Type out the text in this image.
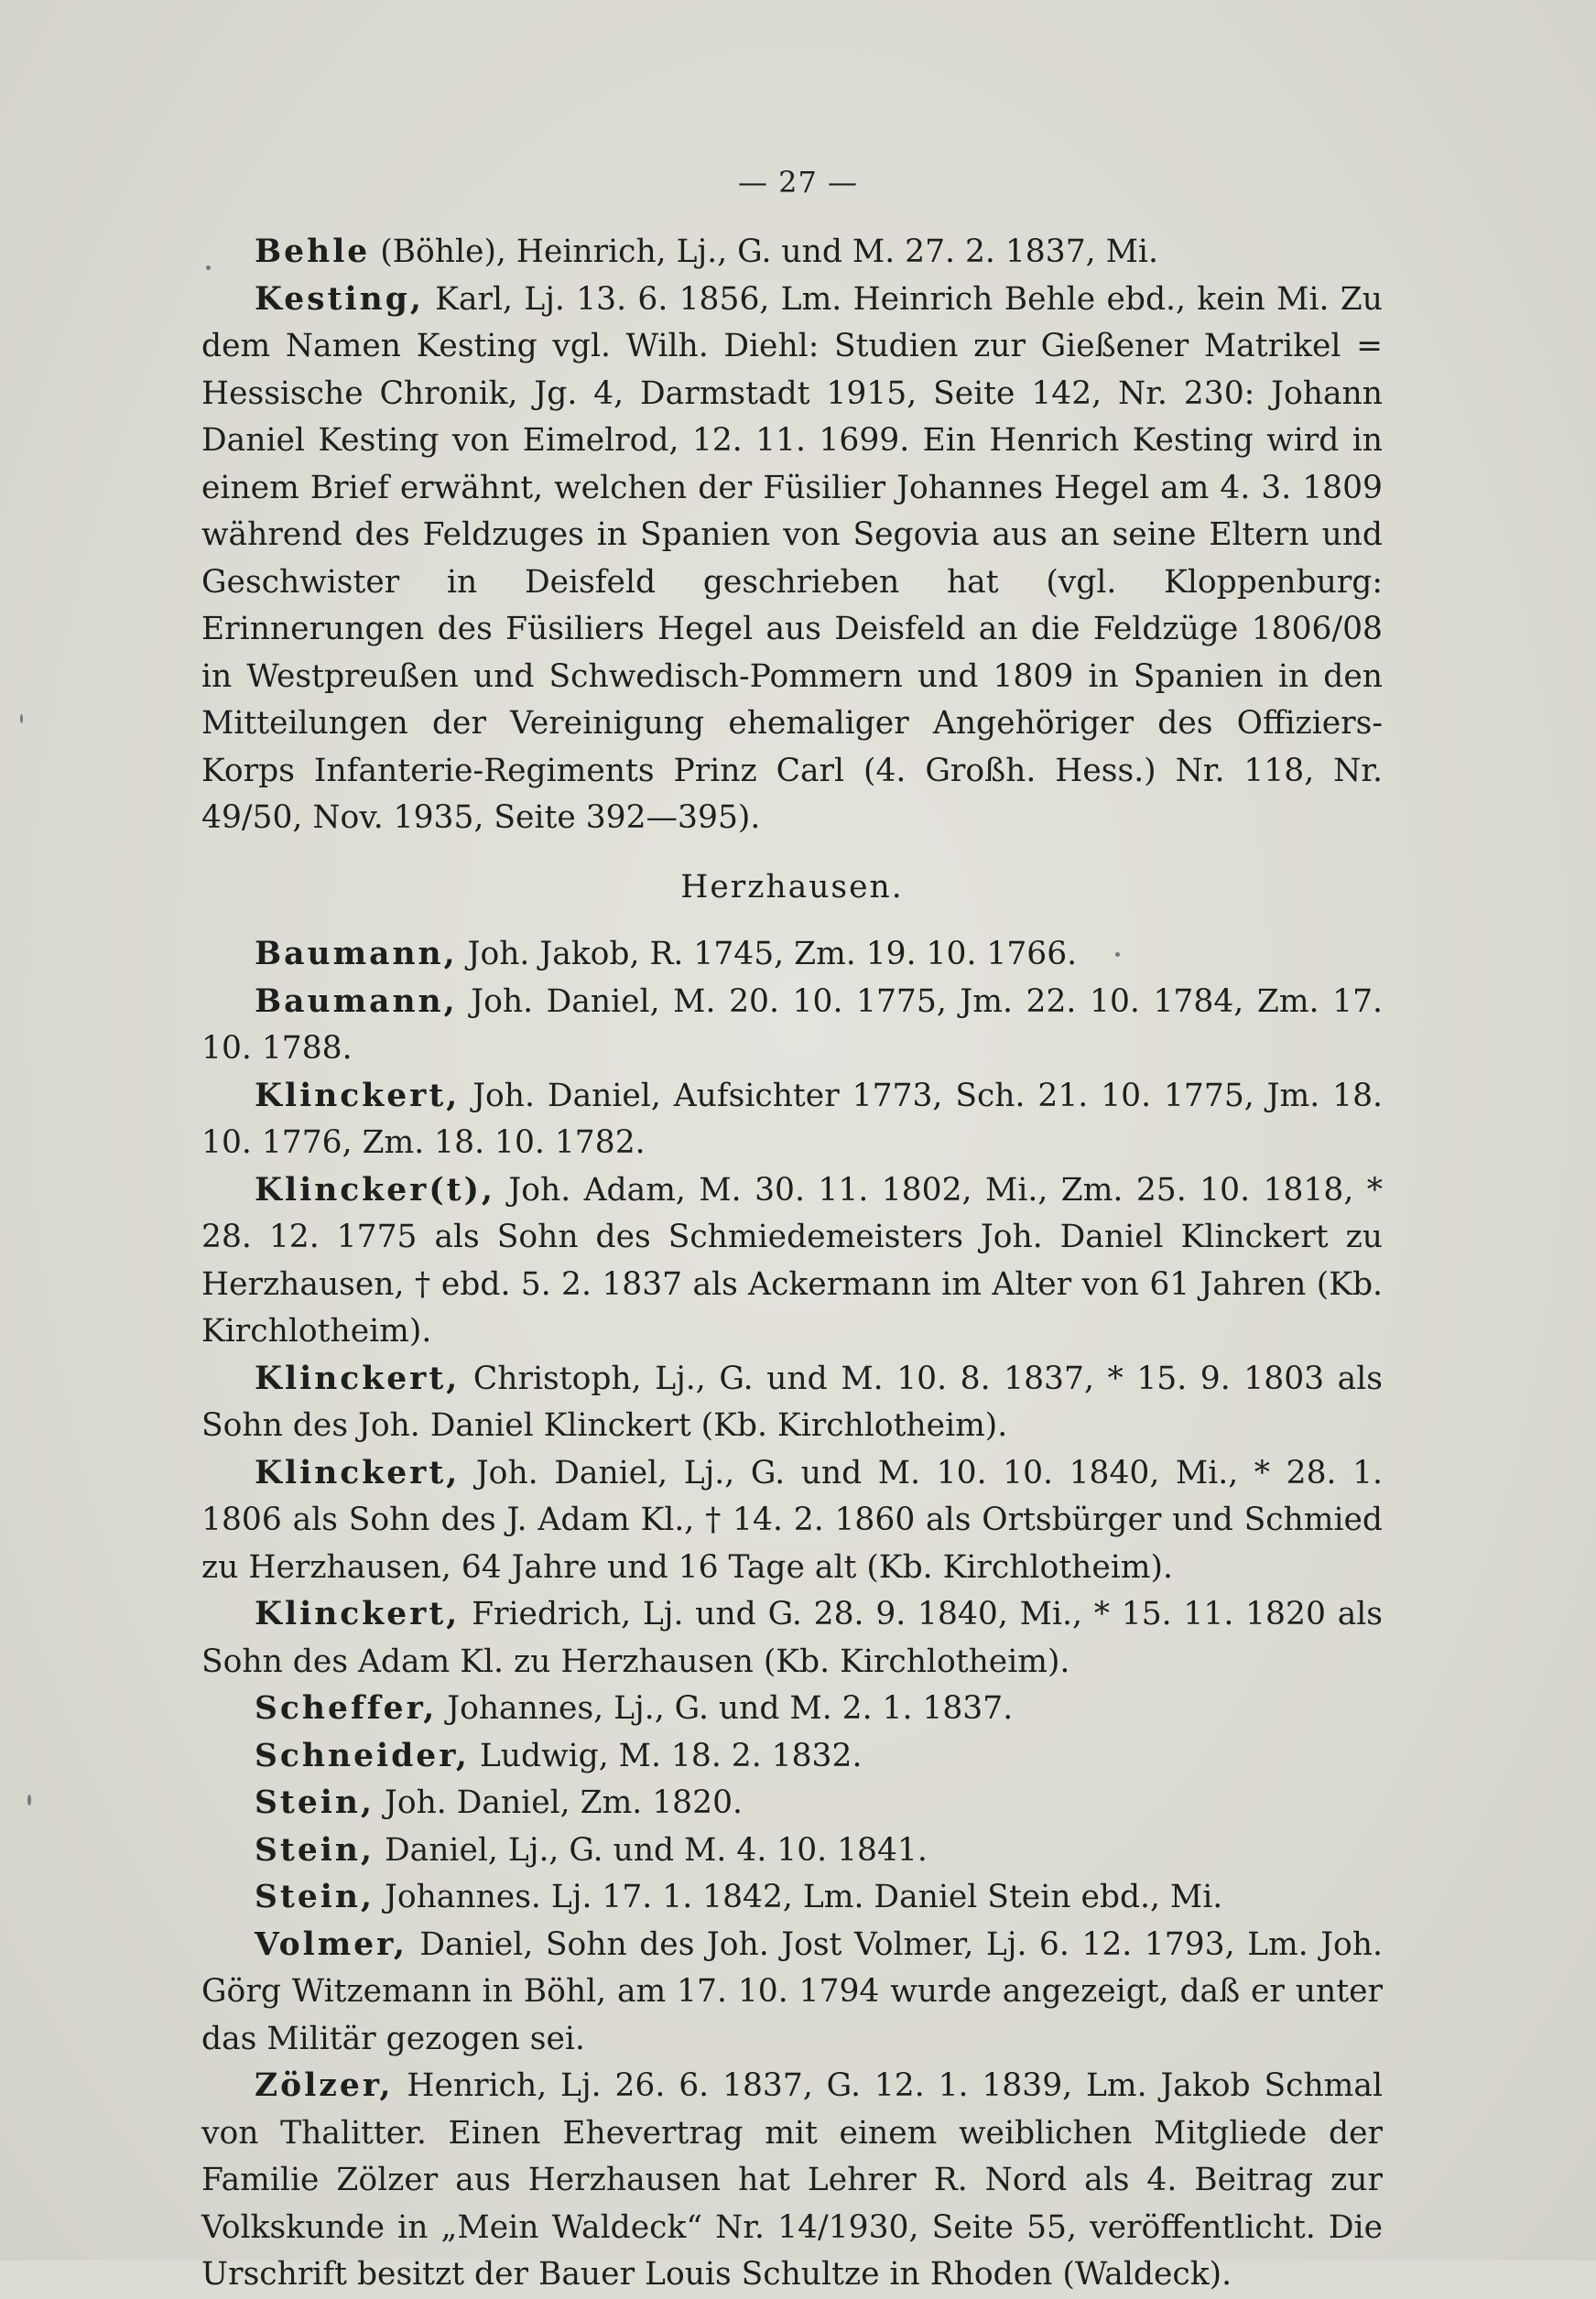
— 27 —

Behle (Böhle), Heinrich, Lj., G. und M. 27. 2. 1837, Mi.

Kesting, Karl, Lj. 13. 6. 1856, Lm. Heinrich Behle ebd., kein Mi. Zu dem Namen Kesting vgl. Wilh. Diehl: Studien zur Gießener Matrikel = Hessische Chronik, Jg. 4, Darmstadt 1915, Seite 142, Nr. 230: Johann Daniel Kesting von Eimelrod, 12. 11. 1699. Ein Henrich Kesting wird in einem Brief erwähnt, welchen der Füsilier Johannes Hegel am 4. 3. 1809 während des Feldzuges in Spanien von Segovia aus an seine Eltern und Geschwister in Deisfeld geschrieben hat (vgl. Kloppenburg: Erinnerungen des Füsiliers Hegel aus Deisfeld an die Feldzüge 1806/08 in Westpreußen und Schwedisch-Pommern und 1809 in Spanien in den Mitteilungen der Vereinigung ehemaliger Angehöriger des Offiziers-Korps Infanterie-Regiments Prinz Carl (4. Großh. Hess.) Nr. 118, Nr. 49/50, Nov. 1935, Seite 392—395).

Herzhausen.

Baumann, Joh. Jakob, R. 1745, Zm. 19. 10. 1766.

Baumann, Joh. Daniel, M. 20. 10. 1775, Jm. 22. 10. 1784, Zm. 17. 10. 1788.

Klinckert, Joh. Daniel, Aufsichter 1773, Sch. 21. 10. 1775, Jm. 18. 10. 1776, Zm. 18. 10. 1782.

Klincker(t), Joh. Adam, M. 30. 11. 1802, Mi., Zm. 25. 10. 1818, * 28. 12. 1775 als Sohn des Schmiedemeisters Joh. Daniel Klinckert zu Herzhausen, † ebd. 5. 2. 1837 als Ackermann im Alter von 61 Jahren (Kb. Kirchlotheim).

Klinckert, Christoph, Lj., G. und M. 10. 8. 1837, * 15. 9. 1803 als Sohn des Joh. Daniel Klinckert (Kb. Kirchlotheim).

Klinckert, Joh. Daniel, Lj., G. und M. 10. 10. 1840, Mi., * 28. 1. 1806 als Sohn des J. Adam Kl., † 14. 2. 1860 als Ortsbürger und Schmied zu Herzhausen, 64 Jahre und 16 Tage alt (Kb. Kirchlotheim).

Klinckert, Friedrich, Lj. und G. 28. 9. 1840, Mi., * 15. 11. 1820 als Sohn des Adam Kl. zu Herzhausen (Kb. Kirchlotheim).

Scheffer, Johannes, Lj., G. und M. 2. 1. 1837.

Schneider, Ludwig, M. 18. 2. 1832.

Stein, Joh. Daniel, Zm. 1820.

Stein, Daniel, Lj., G. und M. 4. 10. 1841.

Stein, Johannes. Lj. 17. 1. 1842, Lm. Daniel Stein ebd., Mi.

Volmer, Daniel, Sohn des Joh. Jost Volmer, Lj. 6. 12. 1793, Lm. Joh. Görg Witzemann in Böhl, am 17. 10. 1794 wurde angezeigt, daß er unter das Militär gezogen sei.

Zölzer, Henrich, Lj. 26. 6. 1837, G. 12. 1. 1839, Lm. Jakob Schmal von Thalitter. Einen Ehevertrag mit einem weiblichen Mitgliede der Familie Zölzer aus Herzhausen hat Lehrer R. Nord als 4. Beitrag zur Volkskunde in „Mein Waldeck“ Nr. 14/1930, Seite 55, veröffentlicht. Die Urschrift besitzt der Bauer Louis Schultze in Rhoden (Waldeck).
